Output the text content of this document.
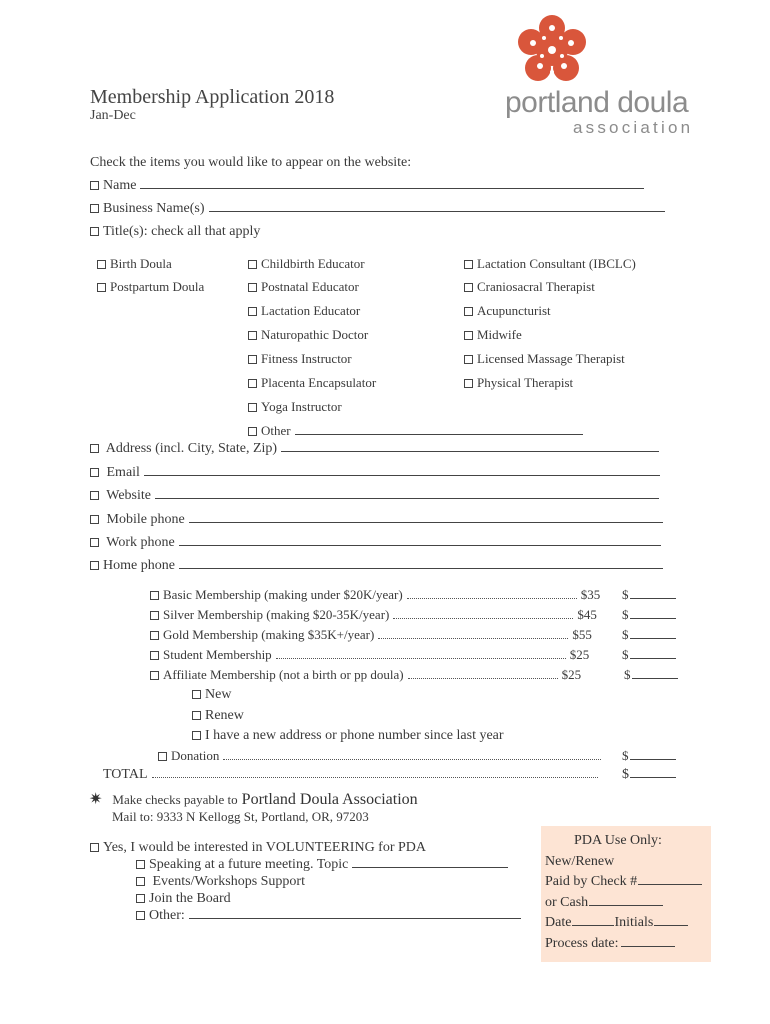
portland doula
association
Membership Application 2018
Jan-Dec
Check the items you would like to appear on the website:
Name
Business Name(s)
Title(s): check all that apply
Birth Doula
Postpartum Doula
Childbirth Educator
Postnatal Educator
Lactation Educator
Naturopathic Doctor
Fitness Instructor
Placenta Encapsulator
Yoga Instructor
Other
Lactation Consultant (IBCLC)
Craniosacral Therapist
Acupuncturist
Midwife
Licensed Massage Therapist
Physical Therapist
Address (incl. City, State, Zip)
Email
Website
Mobile phone
Work phone
Home phone
Basic Membership (making under $20K/year)	$35 $
Silver Membership (making $20-35K/year)	$45 $
Gold Membership (making $35K+/year)	$55 $
Student Membership	$25	$
Affiliate Membership (not a birth or pp doula)	$25	$
New
Renew
I have a new address or phone number since last year
Donation	$
TOTAL	$
✷ Make checks payable to Portland Doula Association
Mail to: 9333 N Kellogg St, Portland, OR, 97203
Yes, I would be interested in VOLUNTEERING for PDA
Speaking at a future meeting. Topic
Events/Workshops Support
Join the Board
Other:
PDA Use Only:
New/Renew
Paid by Check #
or Cash
Date	Initials
Process date:
